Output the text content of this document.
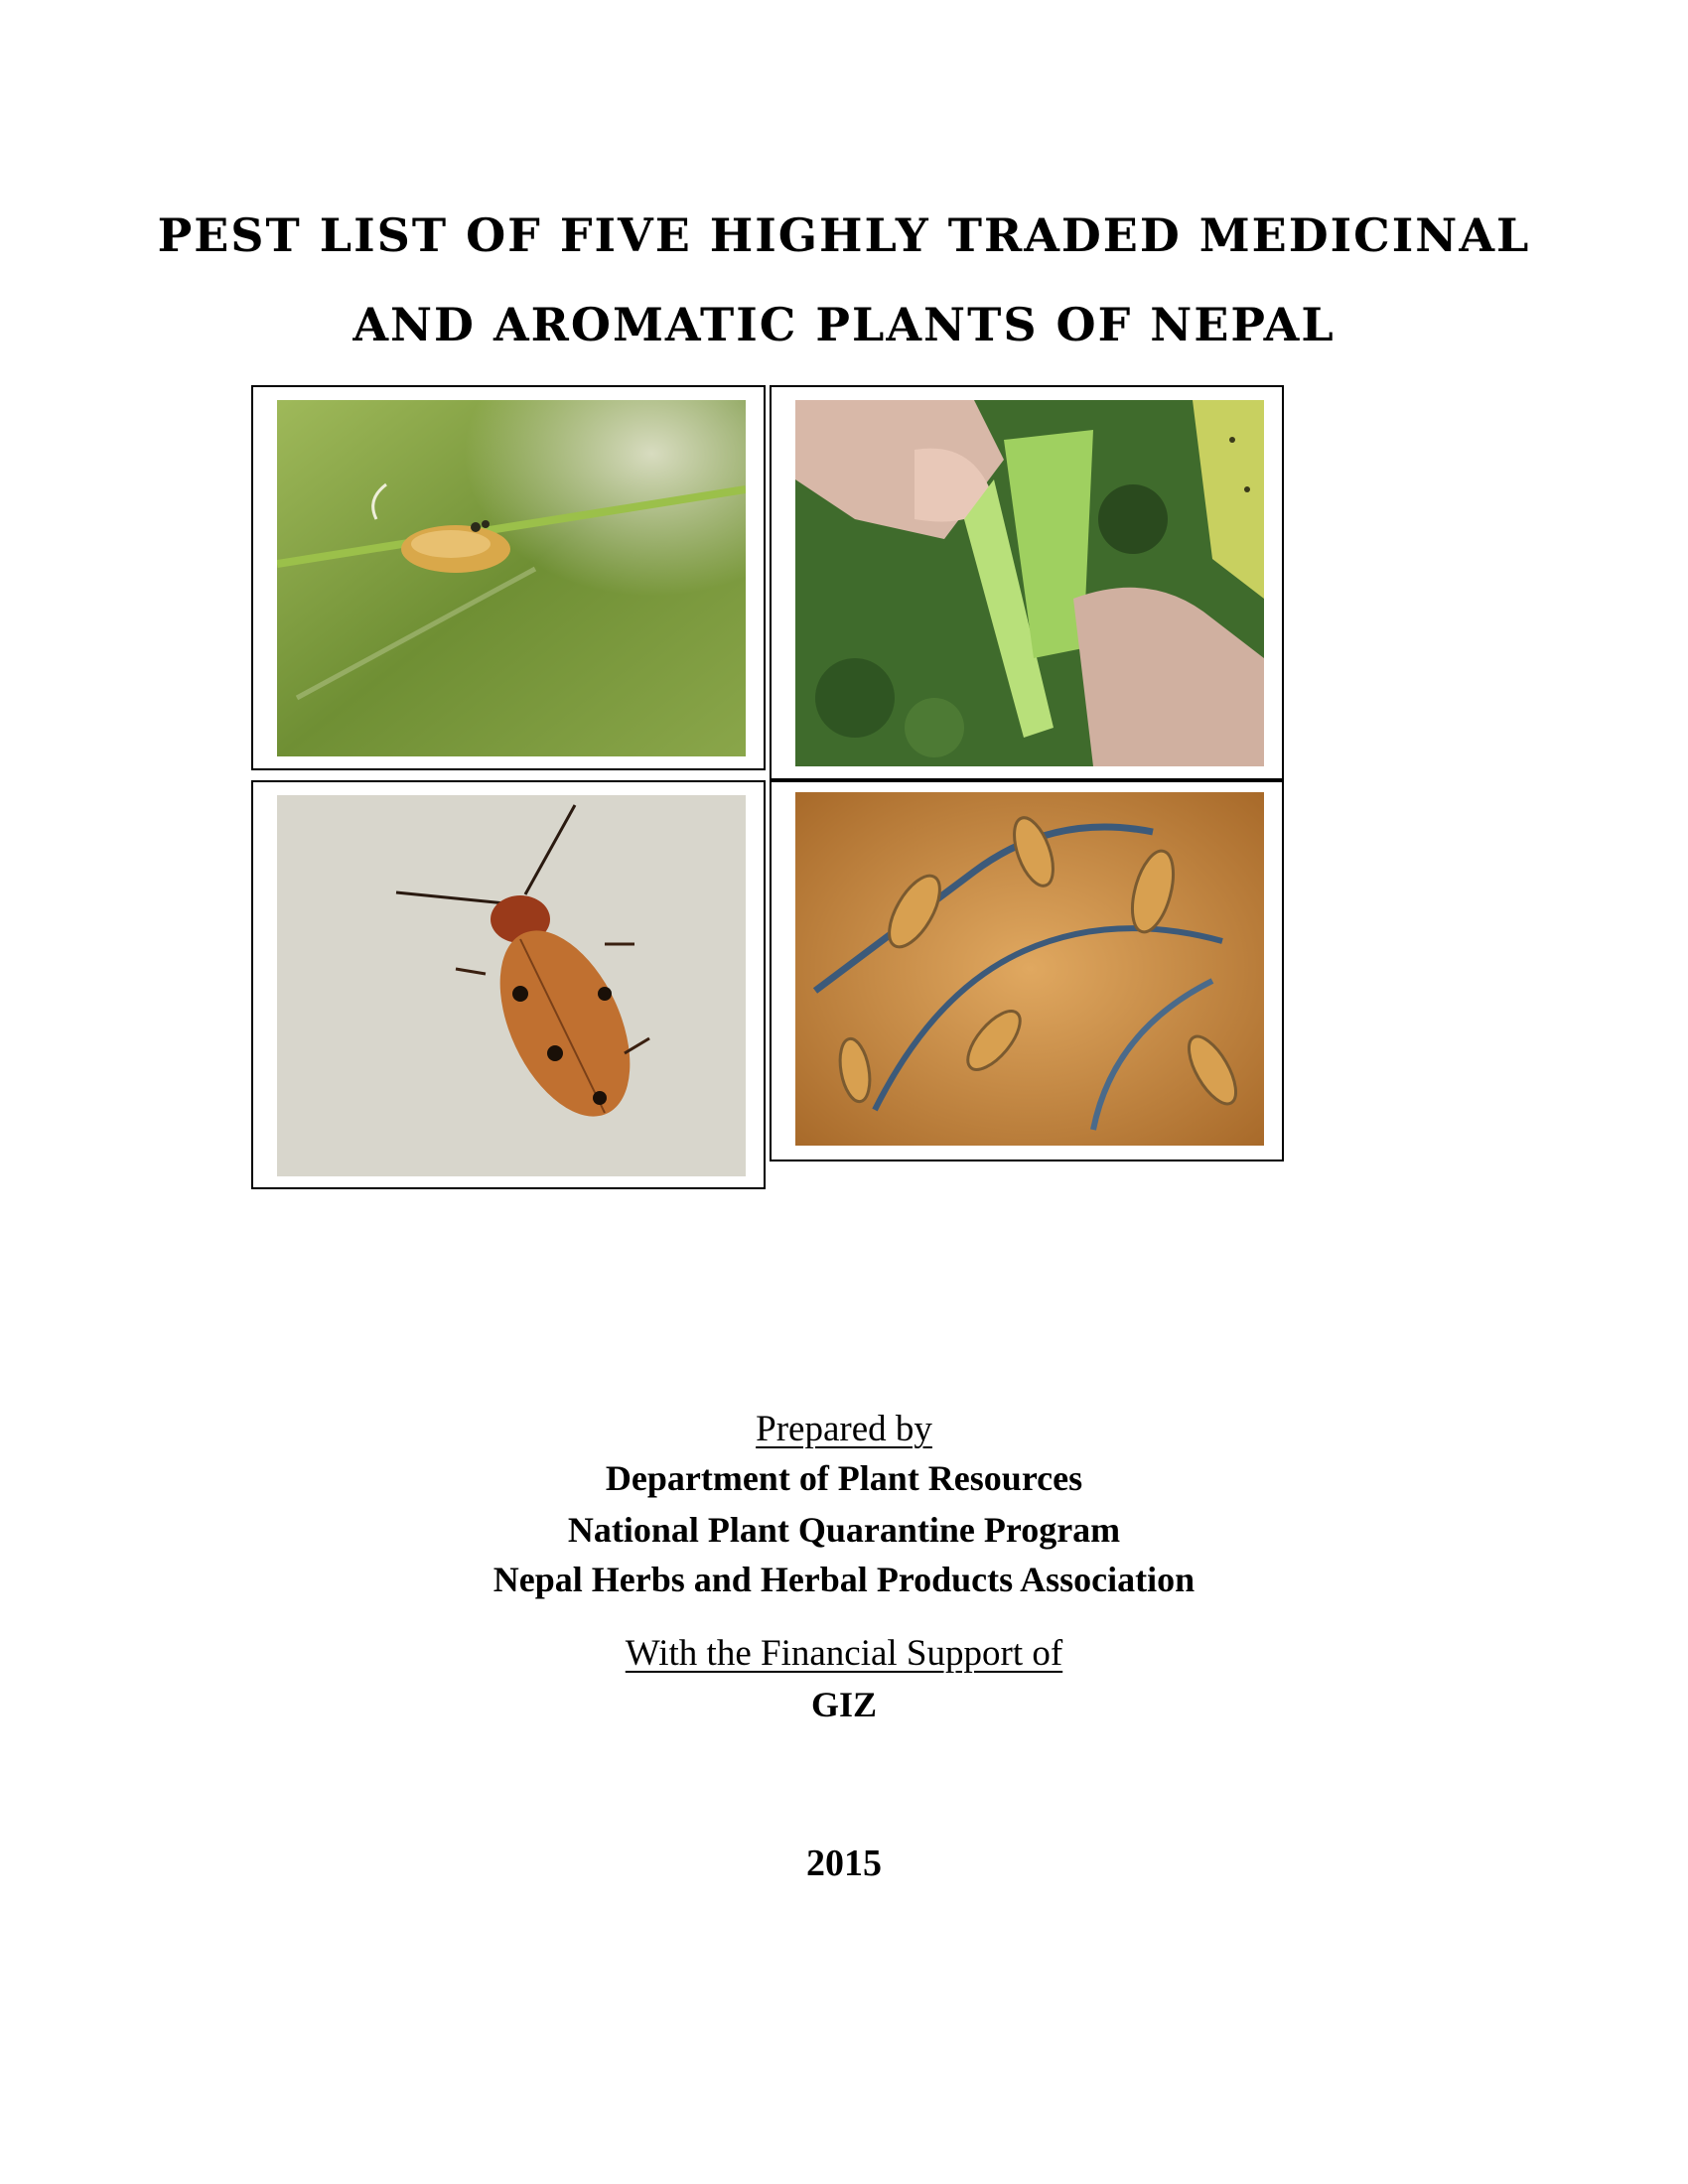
PEST LIST OF FIVE HIGHLY TRADED MEDICINAL
AND AROMATIC PLANTS OF NEPAL
Prepared by
Department of Plant Resources
National Plant Quarantine Program
Nepal Herbs and Herbal Products Association
With the Financial Support of
GIZ
2015
